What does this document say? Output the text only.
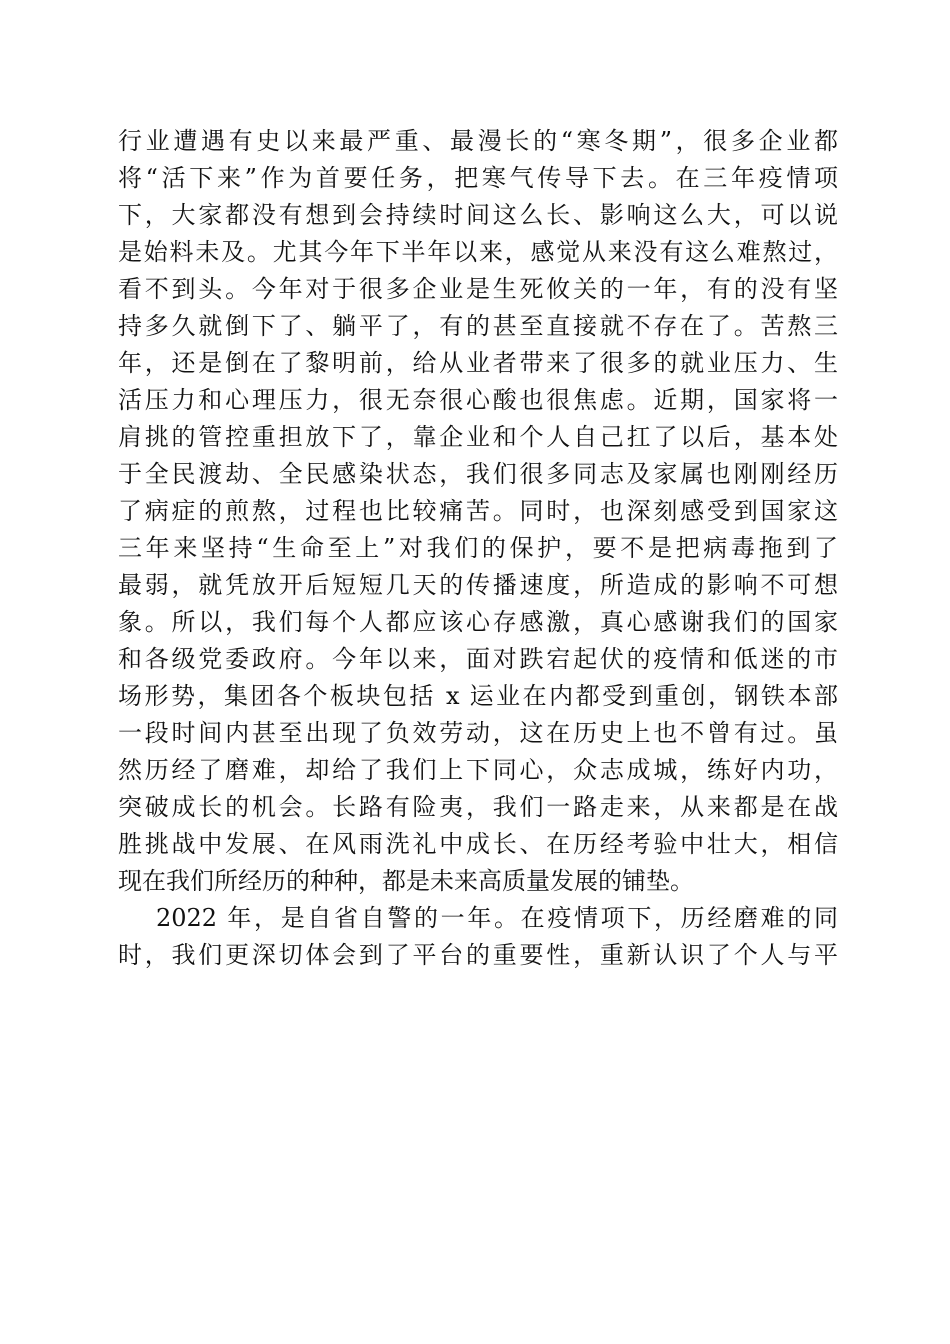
行业遭遇有史以来最严重、最漫长的“寒冬期”，很多企业都
将“活下来”作为首要任务，把寒气传导下去。在三年疫情项
下，大家都没有想到会持续时间这么长、影响这么大，可以说
是始料未及。尤其今年下半年以来，感觉从来没有这么难熬过，
看不到头。今年对于很多企业是生死攸关的一年，有的没有坚
持多久就倒下了、躺平了，有的甚至直接就不存在了。苦熬三
年，还是倒在了黎明前，给从业者带来了很多的就业压力、生
活压力和心理压力，很无奈很心酸也很焦虑。近期，国家将一
肩挑的管控重担放下了，靠企业和个人自己扛了以后，基本处
于全民渡劫、全民感染状态，我们很多同志及家属也刚刚经历
了病症的煎熬，过程也比较痛苦。同时，也深刻感受到国家这
三年来坚持“生命至上”对我们的保护，要不是把病毒拖到了
最弱，就凭放开后短短几天的传播速度，所造成的影响不可想
象。所以，我们每个人都应该心存感激，真心感谢我们的国家
和各级党委政府。今年以来，面对跌宕起伏的疫情和低迷的市
场形势，集团各个板块包括 x 运业在内都受到重创，钢铁本部
一段时间内甚至出现了负效劳动，这在历史上也不曾有过。虽
然历经了磨难，却给了我们上下同心，众志成城，练好内功，
突破成长的机会。长路有险夷，我们一路走来，从来都是在战
胜挑战中发展、在风雨洗礼中成长、在历经考验中壮大，相信
现在我们所经历的种种，都是未来高质量发展的铺垫。
2022 年，是自省自警的一年。在疫情项下，历经磨难的同
时，我们更深切体会到了平台的重要性，重新认识了个人与平
